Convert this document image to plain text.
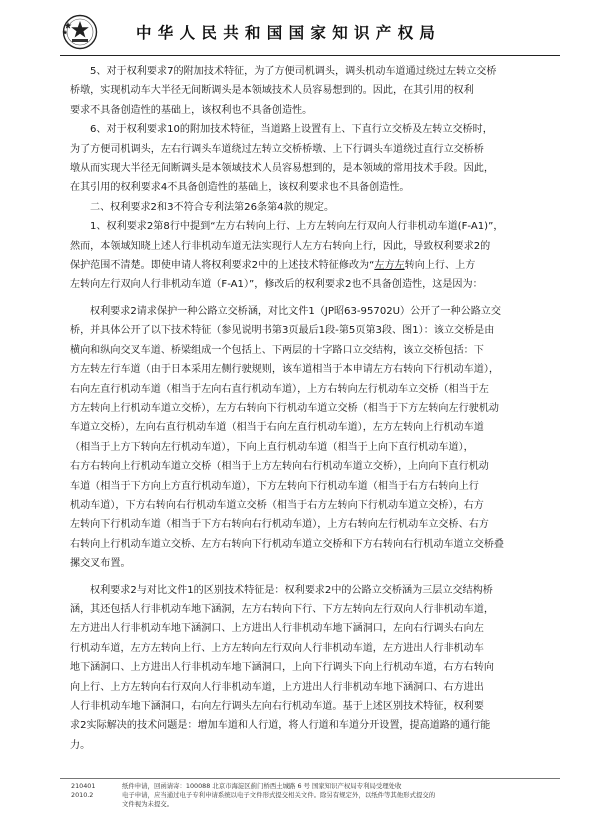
中华人民共和国国家知识产权局

5、对于权利要求7的附加技术特征，为了方便司机调头，调头机动车道通过绕过左转立交桥
桥墩，实现机动车大半径无间断调头是本领域技术人员容易想到的。因此，在其引用的权利
要求不具备创造性的基础上，该权利也不具备创造性。

6、对于权利要求10的附加技术特征，当道路上设置有上、下直行立交桥及左转立交桥时，
为了方便司机调头，左右行调头车道绕过左转立交桥桥墩、上下行调头车道绕过直行立交桥桥
墩从而实现大半径无间断调头是本领域技术人员容易想到的，是本领域的常用技术手段。因此，
在其引用的权利要求4不具备创造性的基础上，该权利要求也不具备创造性。

二、权利要求2和3不符合专利法第26条第4款的规定。

1、权利要求2第8行中提到“左方右转向上行、上方左转向左行双向人行非机动车道(F-A1)”，
然而，本领域知晓上述人行非机动车道无法实现行人左方右转向上行，因此，导致权利要求2的
保护范围不清楚。即使申请人将权利要求2中的上述技术特征修改为“左方左转向上行、上方
左转向左行双向人行非机动车道（F-A1）”，修改后的权利要求2也不具备创造性，这是因为：

权利要求2请求保护一种公路立交桥涵，对比文件1（JP昭63-95702U）公开了一种公路立交
桥，并具体公开了以下技术特征（参见说明书第3页最后1段-第5页第3段、图1）：该立交桥是由
横向和纵向交叉车道、桥梁组成一个包括上、下两层的十字路口立交结构，该立交桥包括：下
方左转左行车道（由于日本采用左侧行驶规则，该车道相当于本申请左方右转向下行机动车道），
右向左直行机动车道（相当于左向右直行机动车道），上方右转向左行机动车立交桥（相当于左
方左转向上行机动车道立交桥），左方右转向下行机动车道立交桥（相当于下方左转向左行驶机动
车道立交桥），左向右直行机动车道（相当于右向左直行机动车道），左方左转向上行机动车道
（相当于上方下转向左行机动车道），下向上直行机动车道（相当于上向下直行机动车道），
右方右转向上行机动车道立交桥（相当于上方左转向右行机动车道立交桥），上向向下直行机动
车道（相当于下方向上方直行机动车道），下方左转向下行机动车道（相当于右方右转向上行
机动车道），下方右转向右行机动车道立交桥（相当于右方左转向下行机动车道立交桥），右方
左转向下行机动车道（相当于下方右转向右行机动车道），上方右转向左行机动车立交桥、右方
右转向上行机动车道立交桥、左方右转向下行机动车道立交桥和下方右转向右行机动车道立交桥叠
摞交叉布置。

权利要求2与对比文件1的区别技术特征是：权利要求2中的公路立交桥涵为三层立交结构桥
涵，其还包括人行非机动车地下涵洞，左方右转向下行、下方左转向左行双向人行非机动车道，
左方进出人行非机动车地下涵洞口、上方进出人行非机动车地下涵洞口，左向右行调头右向左
行机动车道，左方左转向上行、上方左转向左行双向人行非机动车道，左方进出人行非机动车
地下涵洞口、上方进出人行非机动车地下涵洞口，上向下行调头下向上行机动车道，右方右转向
向上行、上方左转向右行双向人行非机动车道，上方进出人行非机动车地下涵洞口、右方进出
人行非机动车地下涵洞口，右向左行调头左向右行机动车道。基于上述区别技术特征，权利要
求2实际解决的技术问题是：增加车道和人行道，将人行道和车道分开设置，提高道路的通行能
力。

210401	纸件申请，回函请寄：100088 北京市海淀区蓟门桥西土城路 6 号 国家知识产权局专利局受理处收
2010.2	电子申请，应当通过电子专利申请系统以电子文件形式提交相关文件。除另有规定外，以纸件等其他形式提交的
文件视为未提交。
